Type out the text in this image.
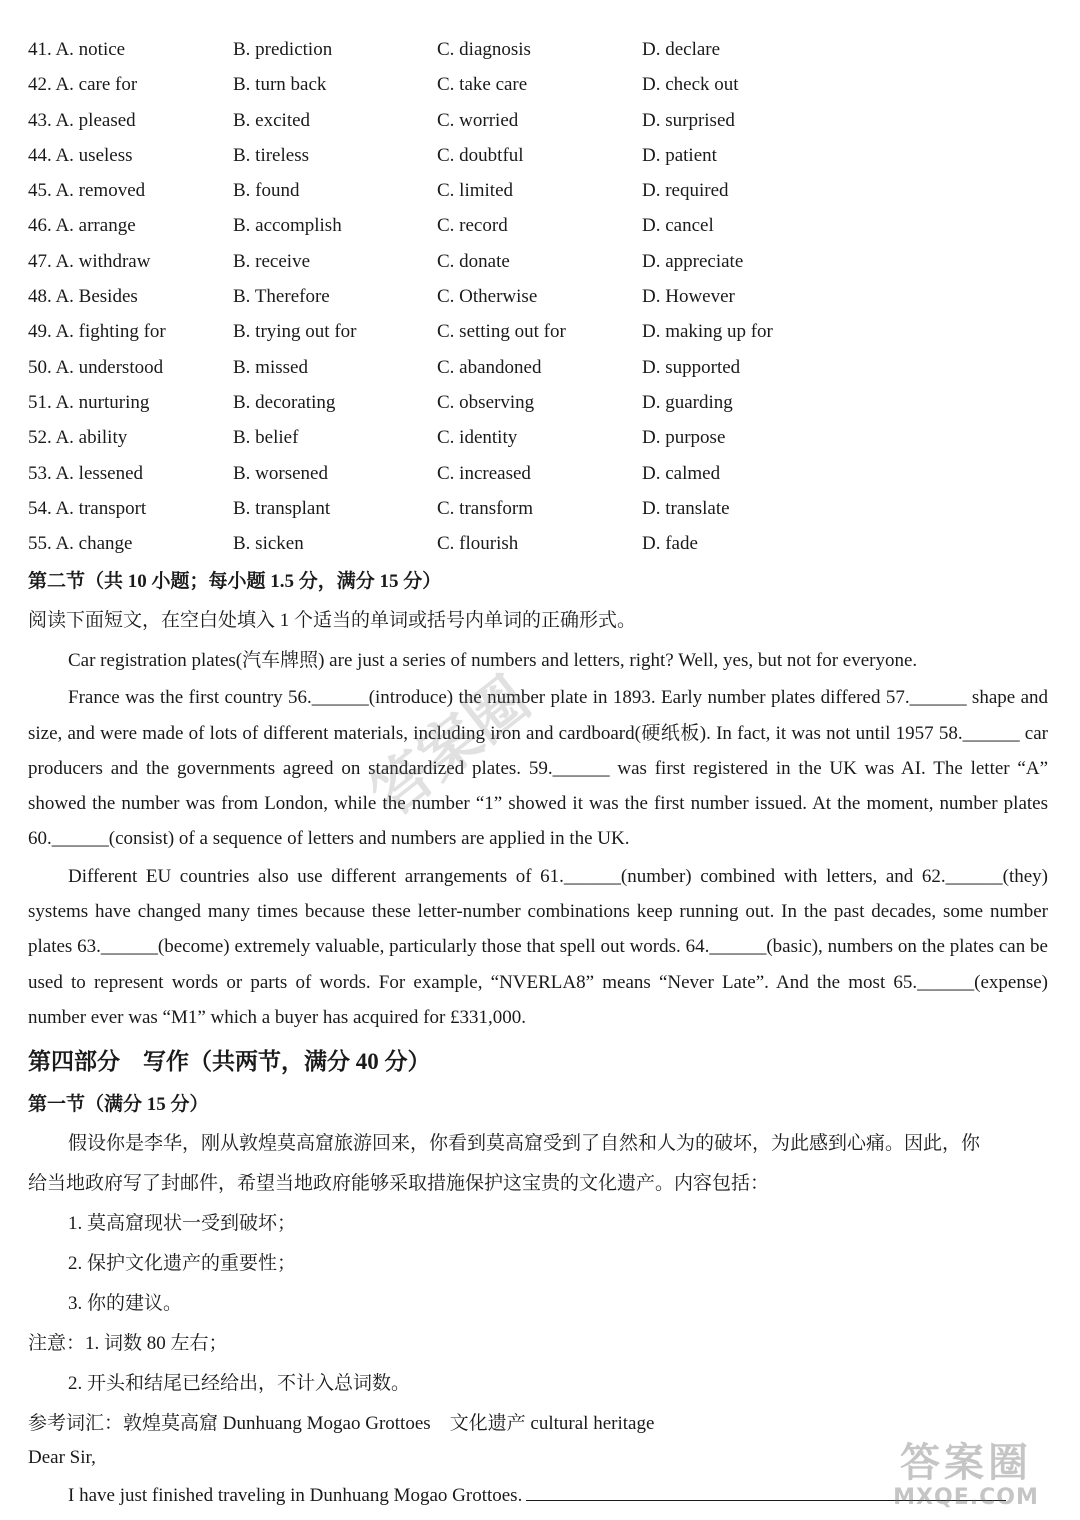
41. A. notice	B. prediction	C. diagnosis	D. declare
42. A. care for	B. turn back	C. take care	D. check out
43. A. pleased	B. excited	C. worried	D. surprised
44. A. useless	B. tireless	C. doubtful	D. patient
45. A. removed	B. found	C. limited	D. required
46. A. arrange	B. accomplish	C. record	D. cancel
47. A. withdraw	B. receive	C. donate	D. appreciate
48. A. Besides	B. Therefore	C. Otherwise	D. However
49. A. fighting for	B. trying out for	C. setting out for	D. making up for
50. A. understood	B. missed	C. abandoned	D. supported
51. A. nurturing	B. decorating	C. observing	D. guarding
52. A. ability	B. belief	C. identity	D. purpose
53. A. lessened	B. worsened	C. increased	D. calmed
54. A. transport	B. transplant	C. transform	D. translate
55. A. change	B. sicken	C. flourish	D. fade
第二节（共 10 小题；每小题 1.5 分，满分 15 分）
阅读下面短文，在空白处填入 1 个适当的单词或括号内单词的正确形式。

Car registration plates(汽车牌照) are just a series of numbers and letters, right? Well, yes, but not for everyone.

France was the first country 56.______(introduce) the number plate in 1893. Early number plates differed 57.______ shape and size, and were made of lots of different materials, including iron and cardboard(硬纸板). In fact, it was not until 1957 58.______ car producers and the governments agreed on standardized plates. 59.______ was first registered in the UK was AI. The letter “A” showed the number was from London, while the number “1” showed it was the first number issued. At the moment, number plates 60.______(consist) of a sequence of letters and numbers are applied in the UK.

Different EU countries also use different arrangements of 61.______(number) combined with letters, and 62.______(they) systems have changed many times because these letter-number combinations keep running out. In the past decades, some number plates 63.______(become) extremely valuable, particularly those that spell out words. 64.______(basic), numbers on the plates can be used to represent words or parts of words. For example, “NVERLA8” means “Never Late”. And the most 65.______(expense) number ever was “M1” which a buyer has acquired for £331,000.

答案圈
第四部分　写作（共两节，满分 40 分）
第一节（满分 15 分）
假设你是李华，刚从敦煌莫高窟旅游回来，你看到莫高窟受到了自然和人为的破坏，为此感到心痛。因此，你
给当地政府写了封邮件，希望当地政府能够采取措施保护这宝贵的文化遗产。内容包括：
1. 莫高窟现状一受到破坏；
2. 保护文化遗产的重要性；
3. 你的建议。
注意：1. 词数 80 左右；
2. 开头和结尾已经给出，不计入总词数。
参考词汇：敦煌莫高窟 Dunhuang Mogao Grottoes　文化遗产 cultural heritage
Dear Sir,
I have just finished traveling in Dunhuang Mogao Grottoes.
答案圈
MXQE.COM
